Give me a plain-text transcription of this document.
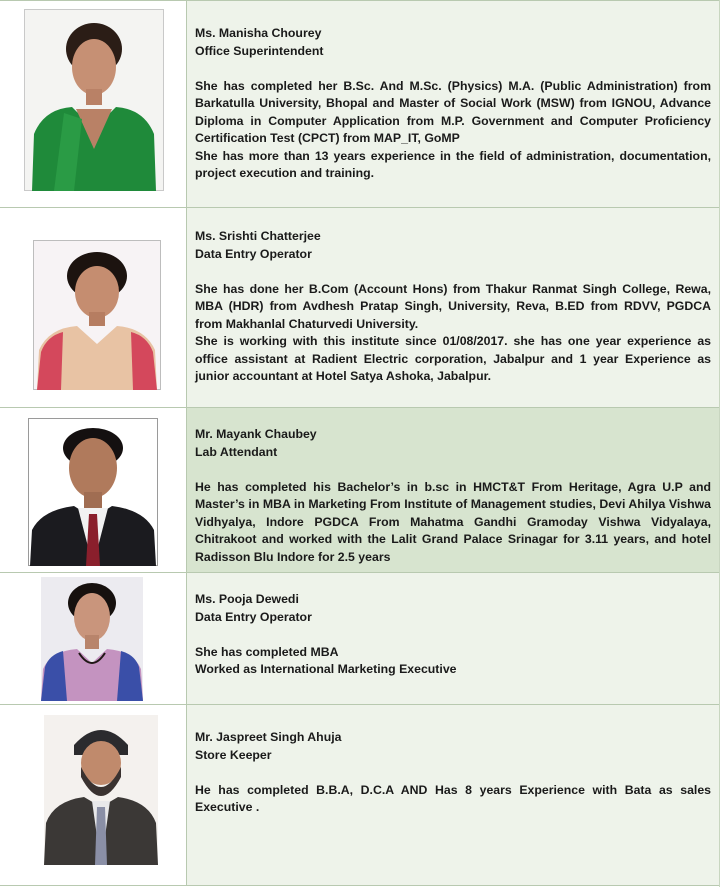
Ms. Manisha Chourey

Office Superintendent

She has completed her B.Sc. And M.Sc. (Physics) M.A. (Public Administration) from Barkatulla University, Bhopal and Master of Social Work (MSW) from IGNOU, Advance Diploma in Computer Application from M.P. Government and Computer Proficiency Certification Test (CPCT) from MAP_IT, GoMP

She has more than 13 years experience in the field of administration, documentation, project execution and training.

Ms. Srishti Chatterjee

Data Entry Operator

She has done her B.Com (Account Hons) from Thakur Ranmat Singh College, Rewa, MBA (HDR) from Avdhesh Pratap Singh, University, Reva, B.ED from RDVV, PGDCA from Makhanlal Chaturvedi University.

She is working with this institute since 01/08/2017. she has one year experience as office assistant at Radient Electric corporation, Jabalpur and 1 year Experience as junior accountant at Hotel Satya Ashoka, Jabalpur.

Mr. Mayank Chaubey

Lab Attendant

He has completed his Bachelor’s in b.sc in HMCT&T From Heritage, Agra U.P and Master’s in MBA in Marketing From Institute of Management studies, Devi Ahilya Vishwa Vidhyalya, Indore PGDCA From Mahatma Gandhi Gramoday Vishwa Vidyalaya, Chitrakoot and worked with the Lalit Grand Palace Srinagar for 3.11 years, and hotel Radisson Blu Indore for 2.5 years

Ms. Pooja Dewedi

Data Entry Operator

She has completed MBA

Worked as International Marketing Executive

Mr. Jaspreet Singh Ahuja

Store Keeper

He has completed B.B.A, D.C.A AND Has 8 years Experience with Bata as sales Executive .
